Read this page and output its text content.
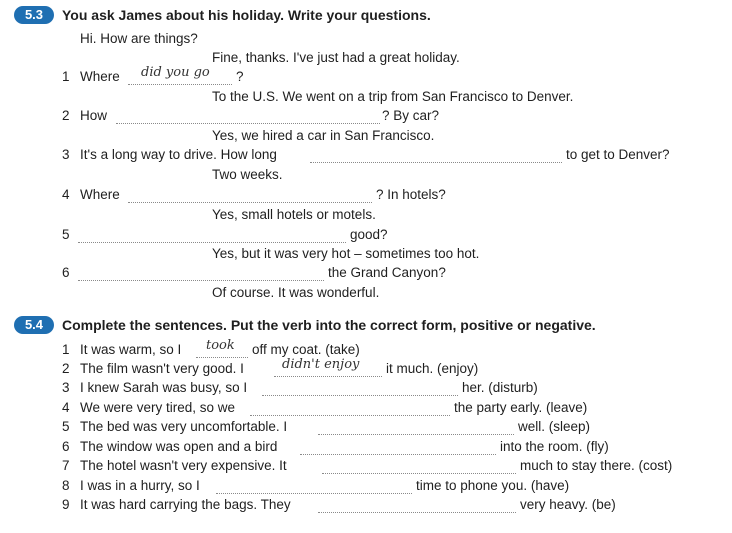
5.3	You ask James about his holiday. Write your questions.
Hi. How are things?
Fine, thanks. I've just had a great holiday.
1 Where did you go ?
To the U.S. We went on a trip from San Francisco to Denver.
2 How	? By car?
Yes, we hired a car in San Francisco.
3 It's a long way to drive. How long	to get to Denver?
Two weeks.
4 Where	? In hotels?
Yes, small hotels or motels.
5	good?
Yes, but it was very hot – sometimes too hot.
6	the Grand Canyon?
Of course. It was wonderful.
5.4	Complete the sentences. Put the verb into the correct form, positive or negative.
1 It was warm, so I took off my coat. (take)
2 The film wasn't very good. I	didn't enjoy it much. (enjoy)
3 I knew Sarah was busy, so I	her. (disturb)
4 We were very tired, so we	the party early. (leave)
5 The bed was very uncomfortable. I	well. (sleep)
6 The window was open and a bird	into the room. (fly)
7 The hotel wasn't very expensive. It	much to stay there. (cost)
8 I was in a hurry, so I	time to phone you. (have)
9 It was hard carrying the bags. They	very heavy. (be)
